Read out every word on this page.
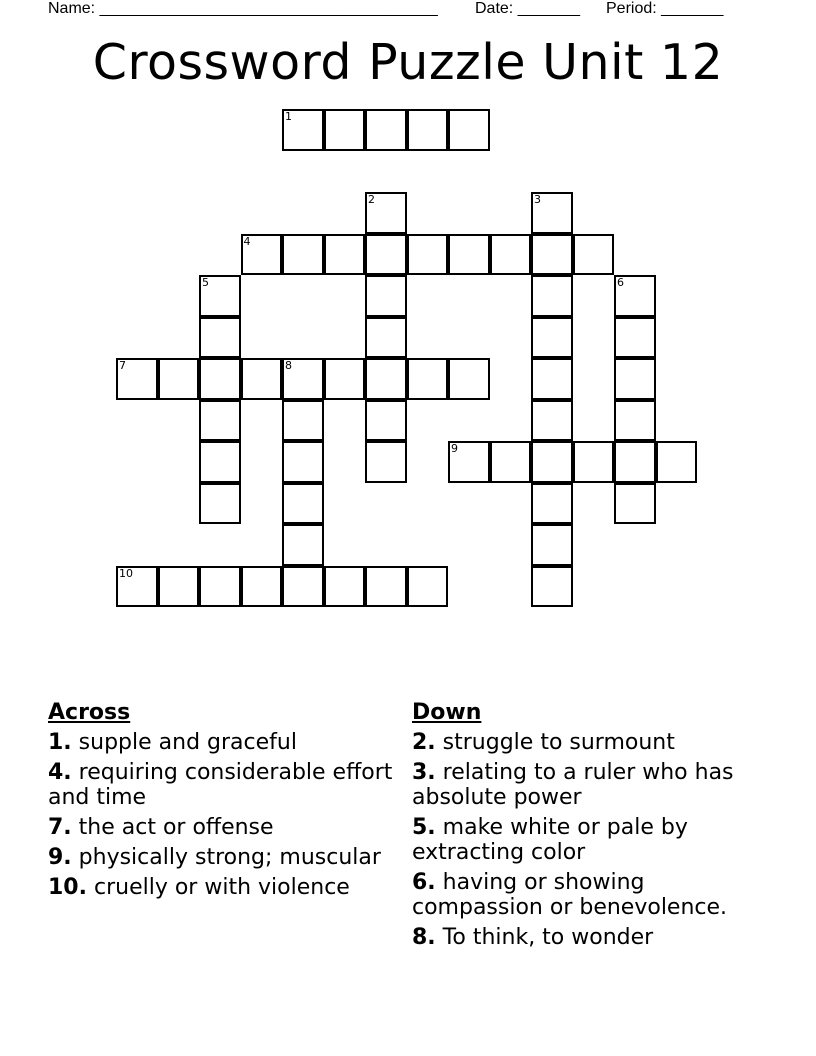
Name: ______________________________________

Date: _______

Period: _______

Crossword Puzzle Unit 12
1
2	3
4
5	6
7	8
9
10
Across
1. supple and graceful
4. requiring considerable effort and time
7. the act or offense
9. physically strong; muscular
10. cruelly or with violence
Down
2. struggle to surmount
3. relating to a ruler who has absolute power
5. make white or pale by extracting color
6. having or showing compassion or benevolence.
8. To think, to wonder
